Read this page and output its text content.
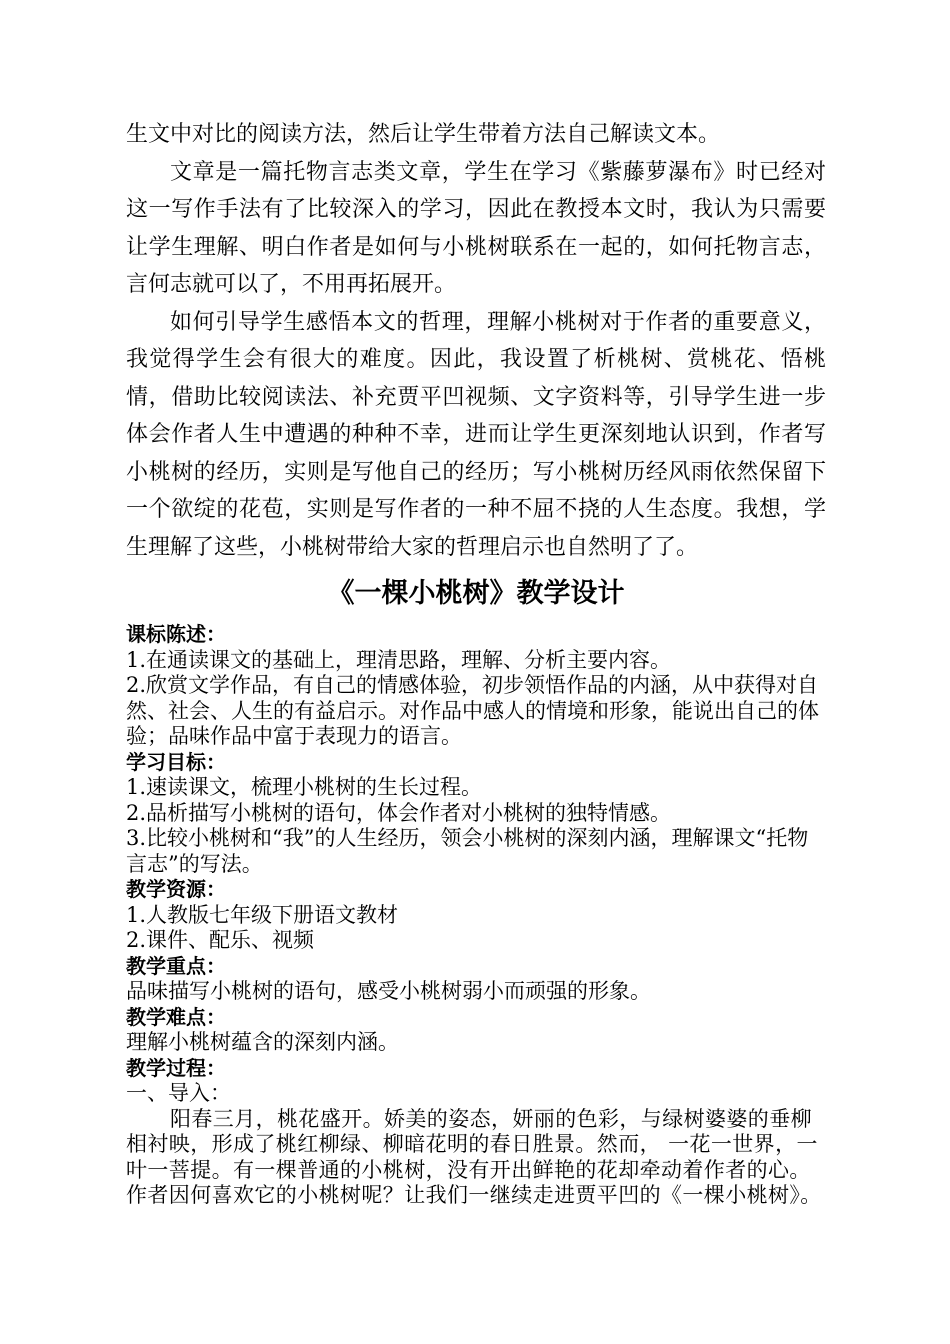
生文中对比的阅读方法，然后让学生带着方法自己解读文本。

文章是一篇托物言志类文章，学生在学习《紫藤萝瀑布》时已经对这一写作手法有了比较深入的学习，因此在教授本文时，我认为只需要让学生理解、明白作者是如何与小桃树联系在一起的，如何托物言志，言何志就可以了，不用再拓展开。

如何引导学生感悟本文的哲理，理解小桃树对于作者的重要意义，我觉得学生会有很大的难度。因此，我设置了析桃树、赏桃花、悟桃情，借助比较阅读法、补充贾平凹视频、文字资料等，引导学生进一步体会作者人生中遭遇的种种不幸，进而让学生更深刻地认识到，作者写小桃树的经历，实则是写他自己的经历；写小桃树历经风雨依然保留下一个欲绽的花苞，实则是写作者的一种不屈不挠的人生态度。我想，学生理解了这些，小桃树带给大家的哲理启示也自然明了了。

《一棵小桃树》教学设计
课标陈述：
1.在通读课文的基础上，理清思路，理解、分析主要内容。
2.欣赏文学作品，有自己的情感体验，初步领悟作品的内涵，从中获得对自然、社会、人生的有益启示。对作品中感人的情境和形象，能说出自己的体验；品味作品中富于表现力的语言。
学习目标：
1.速读课文，梳理小桃树的生长过程。
2.品析描写小桃树的语句，体会作者对小桃树的独特情感。
3.比较小桃树和“我”的人生经历，领会小桃树的深刻内涵，理解课文“托物言志”的写法。
教学资源：
1.人教版七年级下册语文教材
2.课件、配乐、视频
教学重点：
品味描写小桃树的语句，感受小桃树弱小而顽强的形象。
教学难点：
理解小桃树蕴含的深刻内涵。
教学过程：
一、导入：
阳春三月，桃花盛开。娇美的姿态，妍丽的色彩，与绿树婆婆的垂柳相衬映，形成了桃红柳绿、柳暗花明的春日胜景。然而， 一花一世界，一叶一菩提。有一棵普通的小桃树，没有开出鲜艳的花却牵动着作者的心。作者因何喜欢它的小桃树呢？让我们一继续走进贾平凹的《一棵小桃树》。
